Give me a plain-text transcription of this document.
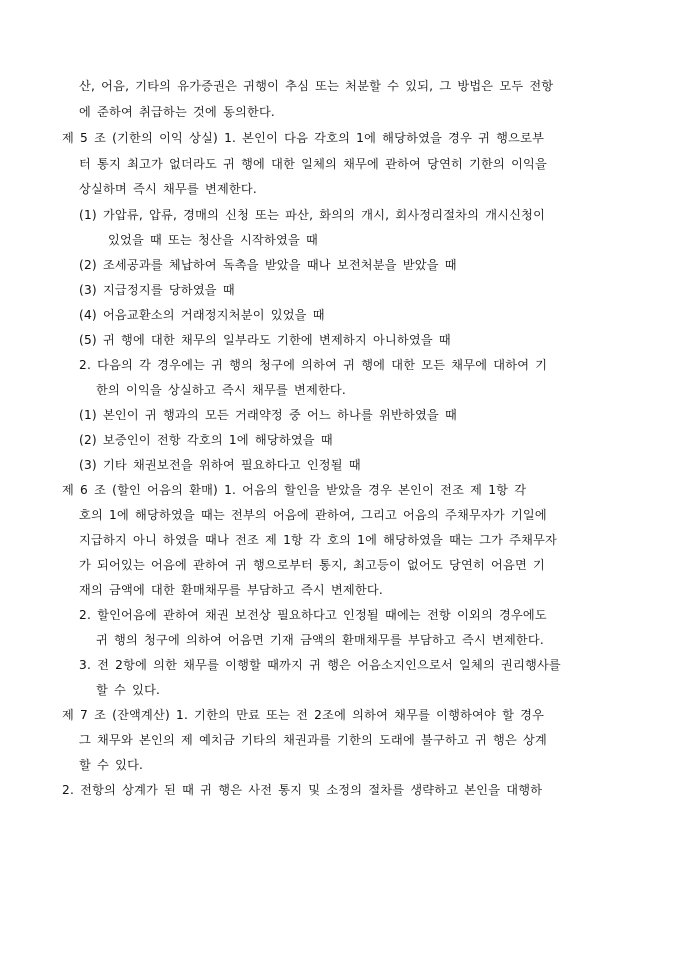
산, 어음, 기타의 유가증권은 귀행이 추심 또는 처분할 수 있되, 그 방법은 모두 전항
에 준하여 취급하는 것에 동의한다.
제 5 조 (기한의 이익 상실) 1. 본인이 다음 각호의 1에 해당하였을 경우 귀 행으로부
터 통지 최고가 없더라도 귀 행에 대한 일체의 채무에 관하여 당연히 기한의 이익을
상실하며 즉시 채무를 변제한다.
(1) 가압류, 압류, 경매의 신청 또는 파산, 화의의 개시, 회사정리절차의 개시신청이
있었을 때 또는 청산을 시작하였을 때
(2) 조세공과를 체납하여 독촉을 받았을 때나 보전처분을 받았을 때
(3) 지급정지를 당하였을 때
(4) 어음교환소의 거래정지처분이 있었을 때
(5) 귀 행에 대한 채무의 일부라도 기한에 변제하지 아니하였을 때
2. 다음의 각 경우에는 귀 행의 청구에 의하여 귀 행에 대한 모든 채무에 대하여 기
한의 이익을 상실하고 즉시 채무를 변제한다.
(1) 본인이 귀 행과의 모든 거래약정 중 어느 하나를 위반하였을 때
(2) 보증인이 전항 각호의 1에 해당하였을 때
(3) 기타 채권보전을 위하여 필요하다고 인정될 때
제 6 조 (할인 어음의 환매) 1. 어음의 할인을 받았을 경우 본인이 전조 제 1항 각
호의 1에 해당하였을 때는 전부의 어음에 관하여, 그리고 어음의 주채무자가 기일에
지급하지 아니 하였을 때나 전조 제 1항 각 호의 1에 해당하였을 때는 그가 주채무자
가 되어있는 어음에 관하여 귀 행으로부터 통지, 최고등이 없어도 당연히 어음면 기
재의 금액에 대한 환매채무를 부담하고 즉시 변제한다.
2. 할인어음에 관하여 채권 보전상 필요하다고 인정될 때에는 전항 이외의 경우에도
귀 행의 청구에 의하여 어음면 기재 금액의 환매채무를 부담하고 즉시 변제한다.
3. 전 2항에 의한 채무를 이행할 때까지 귀 행은 어음소지인으로서 일체의 권리행사를
할 수 있다.
제 7 조 (잔액계산) 1. 기한의 만료 또는 전 2조에 의하여 채무를 이행하여야 할 경우
그 채무와 본인의 제 예치금 기타의 채권과를 기한의 도래에 불구하고 귀 행은 상계
할 수 있다.
2. 전항의 상계가 된 때 귀 행은 사전 통지 및 소정의 절차를 생략하고 본인을 대행하
